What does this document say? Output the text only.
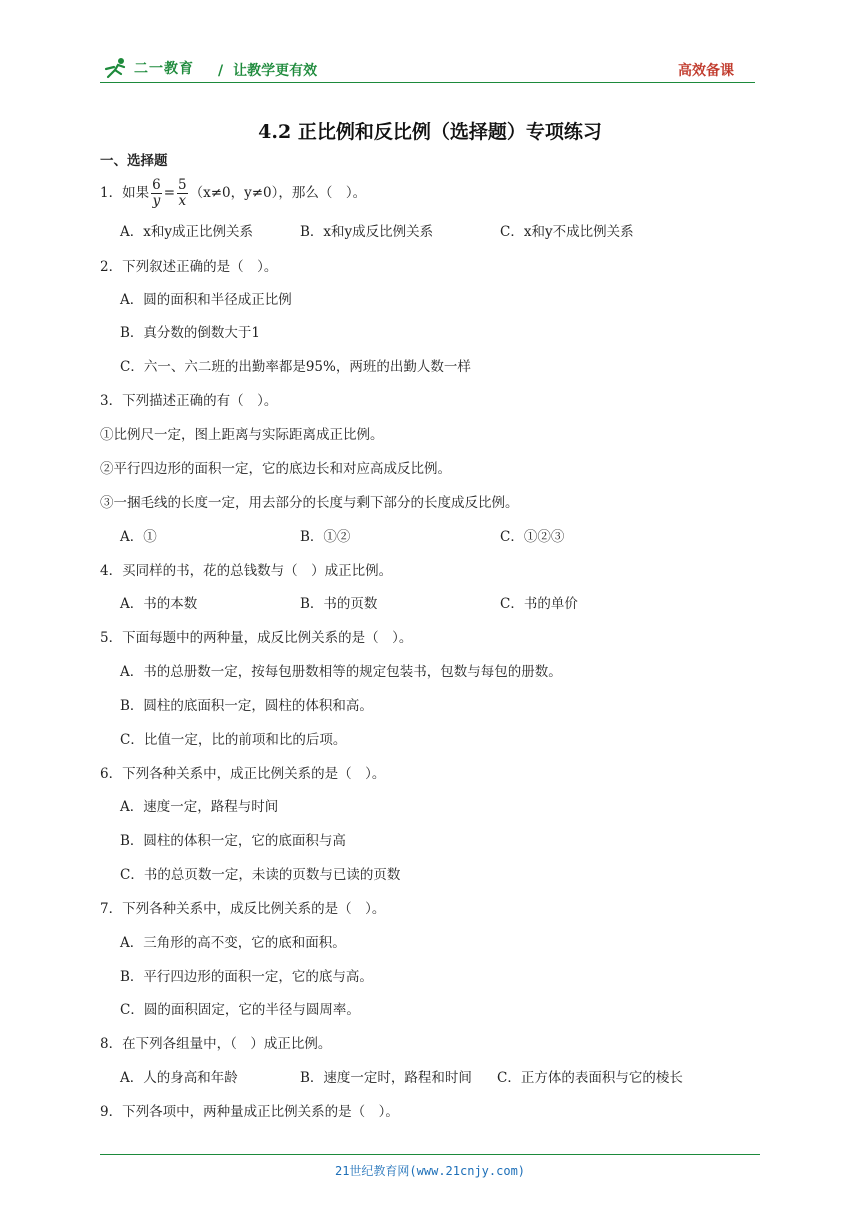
二一教育 / 让教学更有效	高效备课
4.2 正比例和反比例（选择题）专项练习
一、选择题
1．如果 $\frac{6}{y} = \frac{5}{x} (x\ne 0$，y≠0），那么（　）。
A．x和y成正比例关系	B．x和y成反比例关系	C．x和y不成比例关系
2．下列叙述正确的是（　）。
A．圆的面积和半径成正比例
B．真分数的倒数大于1
C．六一、六二班的出勤率都是95%，两班的出勤人数一样
3．下列描述正确的有（　）。
①比例尺一定，图上距离与实际距离成正比例。
②平行四边形的面积一定，它的底边长和对应高成反比例。
③一捆毛线的长度一定，用去部分的长度与剩下部分的长度成反比例。
A．①	B．①②	C．①②③
4．买同样的书，花的总钱数与（　）成正比例。
A．书的本数	B．书的页数	C．书的单价
5．下面每题中的两种量，成反比例关系的是（　）。
A．书的总册数一定，按每包册数相等的规定包装书，包数与每包的册数。
B．圆柱的底面积一定，圆柱的体积和高。
C．比值一定，比的前项和比的后项。
6．下列各种关系中，成正比例关系的是（　）。
A．速度一定，路程与时间
B．圆柱的体积一定，它的底面积与高
C．书的总页数一定，未读的页数与已读的页数
7．下列各种关系中，成反比例关系的是（　）。
A．三角形的高不变，它的底和面积。
B．平行四边形的面积一定，它的底与高。
C．圆的面积固定，它的半径与圆周率。
8．在下列各组量中，（　）成正比例。
A．人的身高和年龄	B．速度一定时，路程和时间 C．正方体的表面积与它的棱长
9．下列各项中，两种量成正比例关系的是（　）。
21世纪教育网(www.21cnjy.com)
